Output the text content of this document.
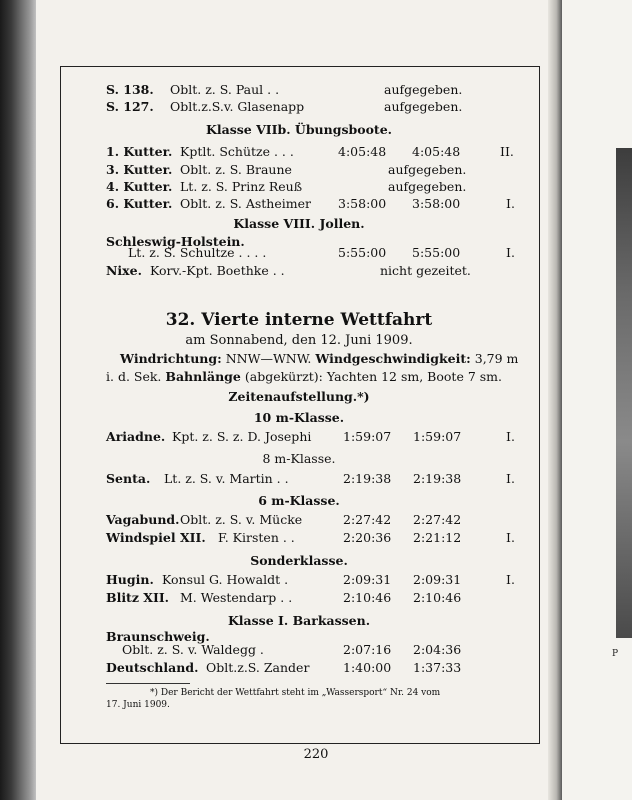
P
S. 138. Oblt. z. S. Paul . .	aufgegeben.
S. 127. Oblt.z.S.v. Glasenapp	aufgegeben.
Klasse VIIb. Übungsboote.
1. Kutter. Kptlt. Schütze . . .	4:05:48 4:05:48	II.
3. Kutter. Oblt. z. S. Braune	aufgegeben.
4. Kutter. Lt. z. S. Prinz Reuß	aufgegeben.
6. Kutter. Oblt. z. S. Astheimer 3:58:00 3:58:00	I.
Klasse VIII. Jollen.
Schleswig-Holstein.
Lt. z. S. Schultze . . . .	5:55:00 5:55:00	I.
Nixe. Korv.-Kpt. Boethke . .	nicht gezeitet.
32. Vierte interne Wettfahrt
am Sonnabend, den 12. Juni 1909.
Windrichtung: NNW—WNW. Windgeschwindigkeit: 3,79 m
i. d. Sek. Bahnlänge (abgekürzt): Yachten 12 sm, Boote 7 sm.
Zeitenaufstellung.*)
10 m-Klasse.
Ariadne. Kpt. z. S. z. D. Josephi	1:59:07 1:59:07	I.
8 m-Klasse.
Senta. Lt. z. S. v. Martin . .	2:19:38 2:19:38	I.
6 m-Klasse.
Vagabund. Oblt. z. S. v. Mücke	2:27:42 2:27:42
Windspiel XII. F. Kirsten . .	2:20:36 2:21:12	I.
Sonderklasse.
Hugin. Konsul G. Howaldt .	2:09:31 2:09:31	I.
Blitz XII. M. Westendarp . .	2:10:46 2:10:46
Klasse I. Barkassen.
Braunschweig.
Oblt. z. S. v. Waldegg .	2:07:16 2:04:36
Deutschland. Oblt.z.S. Zander	1:40:00 1:37:33
*) Der Bericht der Wettfahrt steht im „Wassersport“ Nr. 24 vom
17. Juni 1909.
220
